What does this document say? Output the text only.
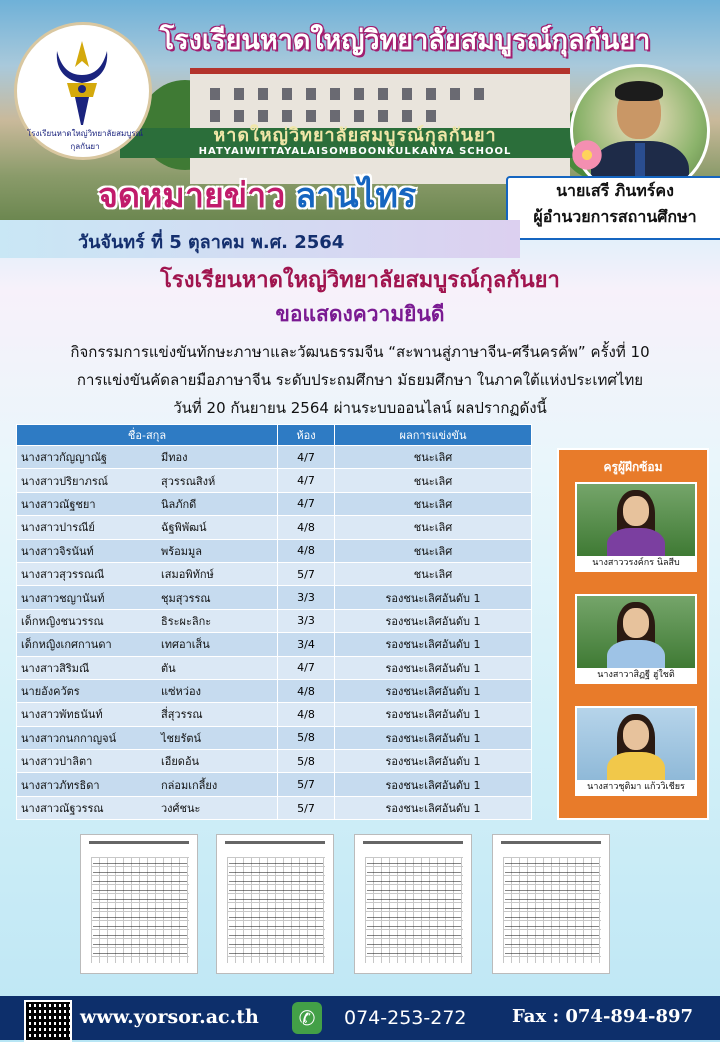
หาดใหญ่วิทยาลัยสมบูรณ์กุลกันยา
HATYAIWITTAYALAISOMBOONKULKANYA SCHOOL
โรงเรียนหาดใหญ่วิทยาลัยสมบูรณ์กุลกันยา
โรงเรียนหาดใหญ่วิทยาลัยสมบูรณ์กุลกันยา
จดหมายข่าว ลานไทร	นายเสรี ภินทร์คง
ผู้อำนวยการสถานศึกษา
วันจันทร์ ที่ 5 ตุลาคม พ.ศ. 2564
โรงเรียนหาดใหญ่วิทยาลัยสมบูรณ์กุลกันยา
ขอแสดงความยินดี
กิจกรรมการแข่งขันทักษะภาษาและวัฒนธรรมจีน “สะพานสู่ภาษาจีน-ศรีนครคัพ” ครั้งที่ 10
การแข่งขันคัดลายมือภาษาจีน ระดับประถมศึกษา มัธยมศึกษา ในภาคใต้แห่งประเทศไทย
วันที่ 20 กันยายน 2564 ผ่านระบบออนไลน์ ผลปรากฏดังนี้
ชื่อ-สกุล	ห้อง	ผลการแข่งขัน
นางสาวกัญญาณัฐ มีทอง	4/7	ชนะเลิศ
นางสาวปริยาภรณ์ สุวรรณสิงห์	4/7	ชนะเลิศ
นางสาวณัฐชยา นิลภักดี	4/7	ชนะเลิศ
นางสาวปารณีย์ ฉัฐพิพัฒน์	4/8	ชนะเลิศ
นางสาวจิรนันท์ พร้อมมูล	4/8	ชนะเลิศ
นางสาวสุวรรณณี เสมอพิทักษ์	5/7	ชนะเลิศ
นางสาวชญานันท์ ชุมสุวรรณ	3/3	รองชนะเลิศอันดับ 1
เด็กหญิงชนวรรณ ธิระผะลิกะ	3/3	รองชนะเลิศอันดับ 1
เด็กหญิงเกศกานดา เทศอาเส็น	3/4	รองชนะเลิศอันดับ 1
นางสาวสิริมณี ตัน	4/7	รองชนะเลิศอันดับ 1
นายอังควัตร แซ่หว่อง	4/8	รองชนะเลิศอันดับ 1
นางสาวพัทธนันท์ สี่สุวรรณ	4/8	รองชนะเลิศอันดับ 1
นางสาวกนกกาญจน์ ไชยรัตน์	5/8	รองชนะเลิศอันดับ 1
นางสาวปาลิตา เอียดอ้น	5/8	รองชนะเลิศอันดับ 1
นางสาวภัทรธิดา กล่อมเกลี้ยง	5/7	รองชนะเลิศอันดับ 1
นางสาวณัฐวรรณ วงศ์ชนะ	5/7	รองชนะเลิศอันดับ 1
ครูผู้ฝึกซ้อม
นางสาววรงค์กร นิลสีบ
นางสาวาสิฏฐี ฮู่ใชติ
นางสาวชุติมา แก้ววิเชียร
www.yorsor.ac.th	✆	074-253-272	Fax : 074-894-897
